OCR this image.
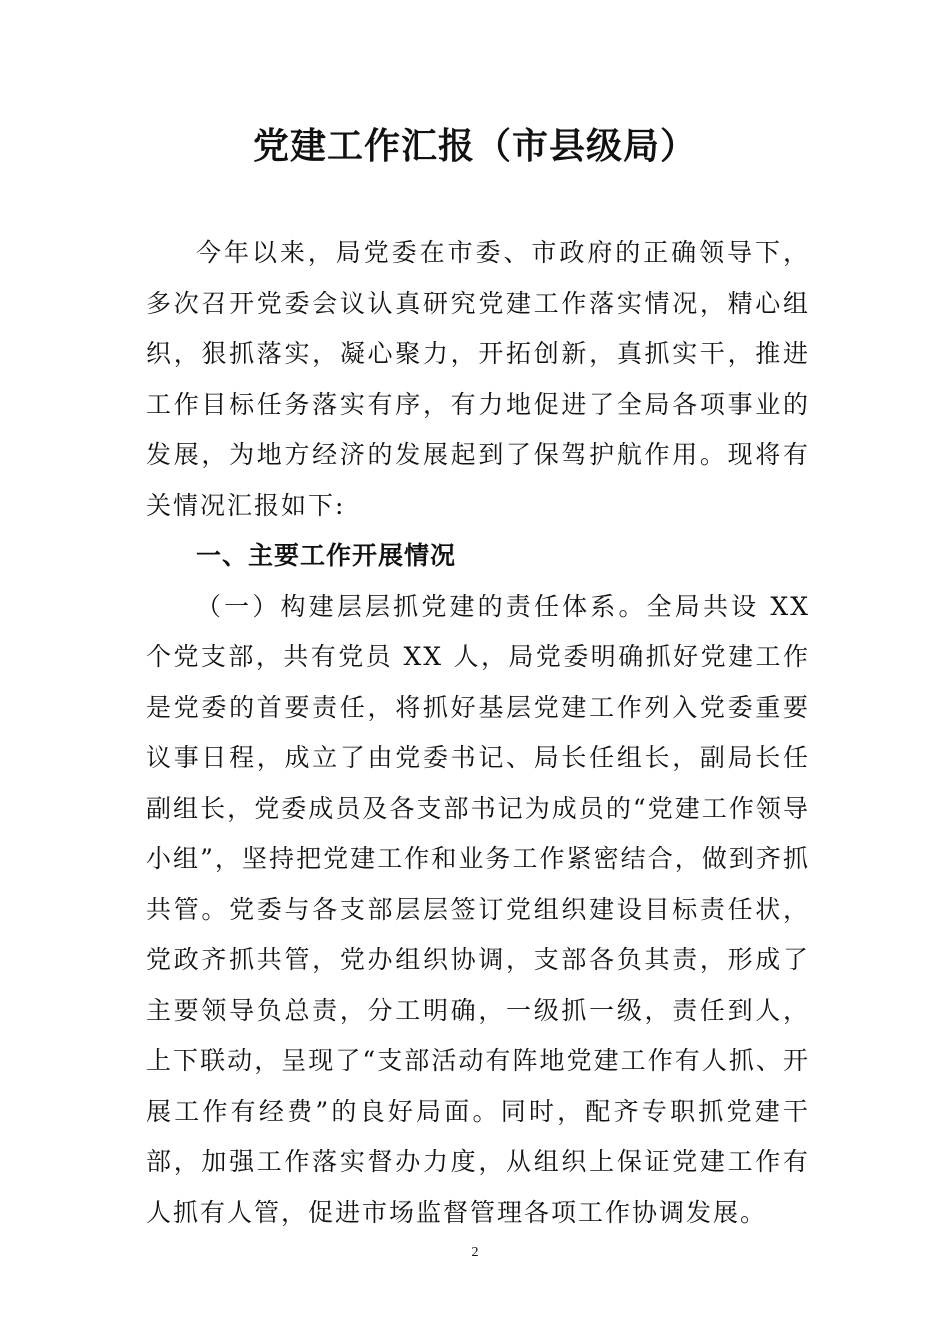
党建工作汇报（市县级局）

今年以来，局党委在市委、市政府的正确领导下，多次召开党委会议认真研究党建工作落实情况，精心组织，狠抓落实，凝心聚力，开拓创新，真抓实干，推进工作目标任务落实有序，有力地促进了全局各项事业的发展，为地方经济的发展起到了保驾护航作用。现将有关情况汇报如下:

一、主要工作开展情况

（一）构建层层抓党建的责任体系。全局共设 XX 个党支部，共有党员 XX 人，局党委明确抓好党建工作是党委的首要责任，将抓好基层党建工作列入党委重要议事日程，成立了由党委书记、局长任组长，副局长任副组长，党委成员及各支部书记为成员的“党建工作领导小组”，坚持把党建工作和业务工作紧密结合，做到齐抓共管。党委与各支部层层签订党组织建设目标责任状，党政齐抓共管，党办组织协调，支部各负其责，形成了主要领导负总责，分工明确，一级抓一级，责任到人，上下联动，呈现了“支部活动有阵地党建工作有人抓、开展工作有经费”的良好局面。同时，配齐专职抓党建干部，加强工作落实督办力度，从组织上保证党建工作有人抓有人管，促进市场监督管理各项工作协调发展。

2
